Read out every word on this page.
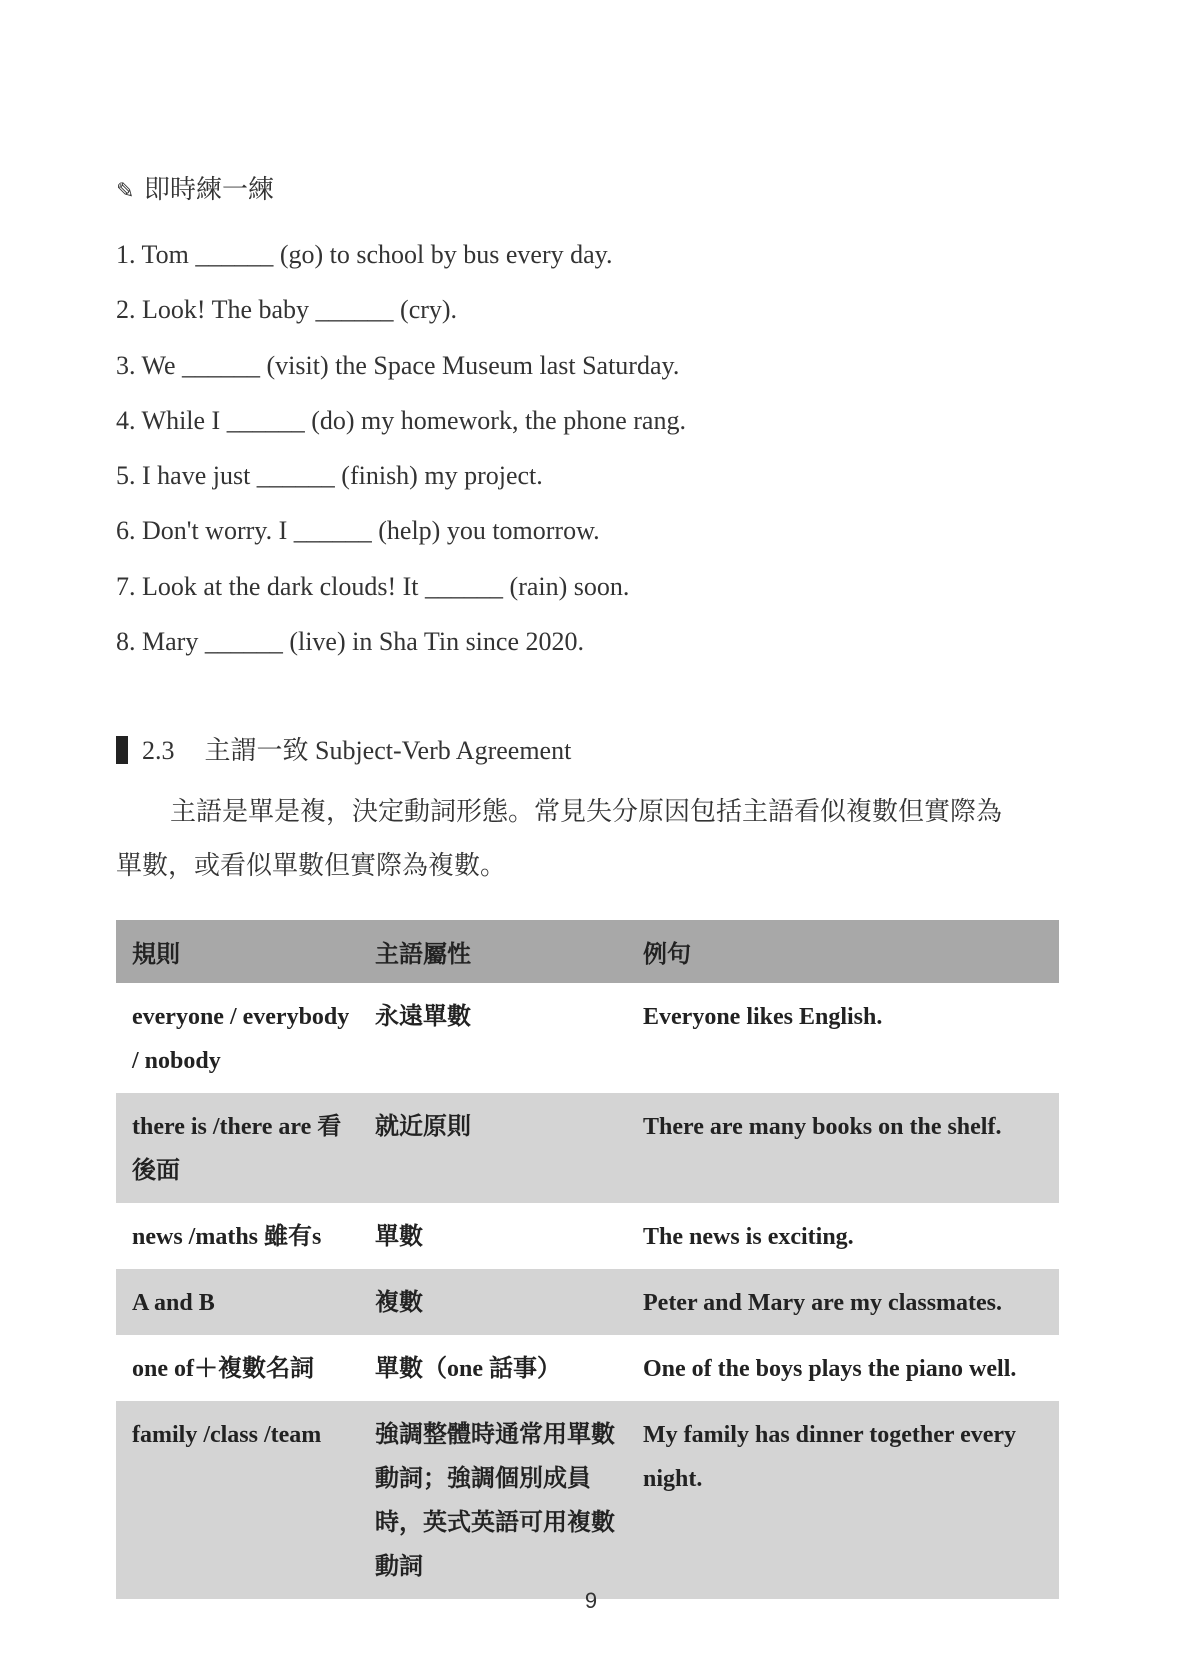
✎ 即時練一練
1. Tom ______ (go) to school by bus every day.
2. Look! The baby ______ (cry).
3. We ______ (visit) the Space Museum last Saturday.
4. While I ______ (do) my homework, the phone rang.
5. I have just ______ (finish) my project.
6. Don't worry. I ______ (help) you tomorrow.
7. Look at the dark clouds! It ______ (rain) soon.
8. Mary ______ (live) in Sha Tin since 2020.
2.3 主謂一致 Subject-Verb Agreement
主語是單是複，決定動詞形態。常見失分原因包括主語看似複數但實際為
單數，或看似單數但實際為複數。
規則	主語屬性	例句
everyone / everybody / nobody	永遠單數	Everyone likes English.
there is /there are 看後面	就近原則	There are many books on the shelf.
news /maths 雖有s	單數	The news is exciting.
A and B	複數	Peter and Mary are my classmates.
one of＋複數名詞	單數（one 話事）	One of the boys plays the piano well.
family /class /team	強調整體時通常用單數動詞；強調個別成員時，英式英語可用複數動詞	My family has dinner together every night.
9
